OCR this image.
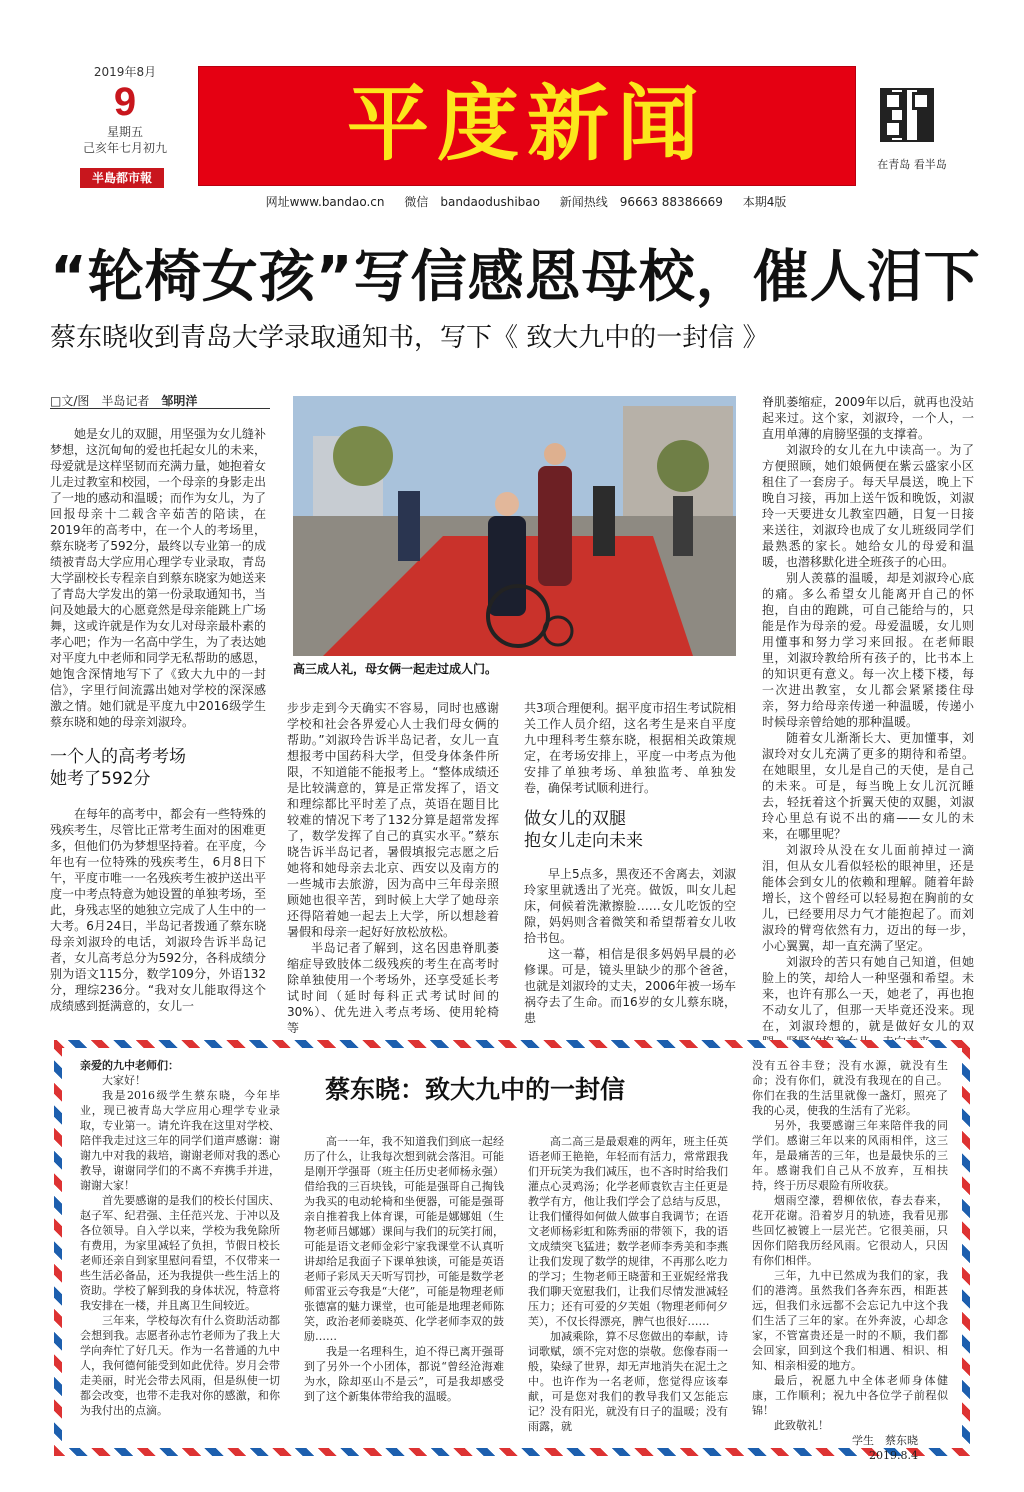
2019年8月
9
星期五
己亥年七月初九
半島都市報
平度新闻	在青岛 看半岛
网址www.bandao.cn 微信　bandaodushibao 新闻热线　96663 88386669 本期4版
“轮椅女孩”写信感恩母校，催人泪下
蔡东晓收到青岛大学录取通知书，写下《 致大九中的一封信 》
□文/图　半岛记者　邹明洋

她是女儿的双腿，用坚强为女儿缝补梦想，这沉甸甸的爱也托起女儿的未来，母爱就是这样坚韧而充满力量，她抱着女儿走过教室和校园，一个母亲的身影走出了一地的感动和温暖；而作为女儿，为了回报母亲十二载含辛茹苦的陪读，在2019年的高考中，在一个人的考场里，蔡东晓考了592分，最终以专业第一的成绩被青岛大学应用心理学专业录取，青岛大学副校长专程亲自到蔡东晓家为她送来了青岛大学发出的第一份录取通知书，当问及她最大的心愿竟然是母亲能跳上广场舞，这或许就是作为女儿对母亲最朴素的孝心吧；作为一名高中学生，为了表达她对平度九中老师和同学无私帮助的感恩，她饱含深情地写下了《致大九中的一封信》，字里行间流露出她对学校的深深感激之情。她们就是平度九中2016级学生蔡东晓和她的母亲刘淑玲。

一个人的高考考场
她考了592分

在每年的高考中，都会有一些特殊的残疾考生，尽管比正常考生面对的困难更多，但他们仍为梦想坚持着。在平度，今年也有一位特殊的残疾考生，6月8日下午，平度市唯一一名残疾考生被护送出平度一中考点特意为她设置的单独考场，至此，身残志坚的她独立完成了人生中的一大考。6月24日，半岛记者拨通了蔡东晓母亲刘淑玲的电话，刘淑玲告诉半岛记者，女儿高考总分为592分，各科成绩分别为语文115分，数学109分，外语132分，理综236分。“我对女儿能取得这个成绩感到挺满意的，女儿一

高三成人礼，母女俩一起走过成人门。

步步走到今天确实不容易，同时也感谢学校和社会各界爱心人士我们母女俩的帮助。”刘淑玲告诉半岛记者，女儿一直想报考中国药科大学，但受身体条件所限，不知道能不能报考上。“整体成绩还是比较满意的，算是正常发挥了，语文和理综都比平时差了点，英语在题目比较难的情况下考了132分算是超常发挥了，数学发挥了自己的真实水平。”蔡东晓告诉半岛记者，暑假填报完志愿之后她将和她母亲去北京、西安以及南方的一些城市去旅游，因为高中三年母亲照顾她也很辛苦，到时候上大学了她母亲还得陪着她一起去上大学，所以想趁着暑假和母亲一起好好放松放松。

半岛记者了解到，这名因患脊肌萎缩症导致肢体二级残疾的考生在高考时除单独使用一个考场外，还享受延长考试时间（延时每科正式考试时间的30%）、优先进入考点考场、使用轮椅等

共3项合理便利。据平度市招生考试院相关工作人员介绍，这名考生是来自平度九中理科考生蔡东晓，根据相关政策规定，在考场安排上，平度一中考点为他安排了单独考场、单独监考、单独发卷，确保考试顺利进行。

做女儿的双腿
抱女儿走向未来

早上5点多，黑夜还不舍离去，刘淑玲家里就透出了光亮。做饭，叫女儿起床，伺候着洗漱擦脸……女儿吃饭的空隙，妈妈则含着微笑和希望帮着女儿收拾书包。

这一幕，相信是很多妈妈早晨的必修课。可是，镜头里缺少的那个爸爸，也就是刘淑玲的丈夫，2006年被一场车祸夺去了生命。而16岁的女儿蔡东晓，患

脊肌萎缩症，2009年以后，就再也没站起来过。这个家，刘淑玲，一个人，一直用单薄的肩膀坚强的支撑着。

刘淑玲的女儿在九中读高一。为了方便照顾，她们娘俩便在紫云盛家小区租住了一套房子。每天早晨送，晚上下晚自习接，再加上送午饭和晚饭，刘淑玲一天要进女儿教室四趟，日复一日接来送往，刘淑玲也成了女儿班级同学们最熟悉的家长。她给女儿的母爱和温暖，也潜移默化进全班孩子的心田。

别人羡慕的温暖，却是刘淑玲心底的痛。多么希望女儿能离开自己的怀抱，自由的跑跳，可自己能给与的，只能是作为母亲的爱。母爱温暖，女儿则用懂事和努力学习来回报。在老师眼里，刘淑玲教给所有孩子的，比书本上的知识更有意义。每一次上楼下楼，每一次进出教室，女儿都会紧紧搂住母亲，努力给母亲传递一种温暖，传递小时候母亲曾给她的那种温暖。

随着女儿渐渐长大、更加懂事，刘淑玲对女儿充满了更多的期待和希望。在她眼里，女儿是自己的天使，是自己的未来。可是，每当晚上女儿沉沉睡去，轻抚着这个折翼天使的双腿，刘淑玲心里总有说不出的痛——女儿的未来，在哪里呢？

刘淑玲从没在女儿面前掉过一滴泪，但从女儿看似轻松的眼神里，还是能体会到女儿的依赖和理解。随着年龄增长，这个曾经可以轻易抱在胸前的女儿，已经要用尽力气才能抱起了。而刘淑玲的臂弯依然有力，迈出的每一步，小心翼翼，却一直充满了坚定。

刘淑玲的苦只有她自己知道，但她脸上的笑，却给人一种坚强和希望。未来，也许有那么一天，她老了，再也抱不动女儿了，但那一天毕竟还没来。现在，刘淑玲想的，就是做好女儿的双

蔡东晓：致大九中的一封信

亲爱的九中老师们：

大家好！

我是2016级学生蔡东晓，今年毕业，现已被青岛大学应用心理学专业录取，专业第一。请允许我在这里对学校、陪伴我走过这三年的同学们道声感谢：谢谢九中对我的栽培，谢谢老师对我的悉心教导，谢谢同学们的不离不弃携手并进，谢谢大家！

首先要感谢的是我们的校长付国庆、赵子军、纪君强、主任范兴龙、于冲以及各位领导。自入学以来，学校为我免除所有费用，为家里减轻了负担，节假日校长老师还亲自到家里慰问看望，不仅带来一些生活必备品，还为我提供一些生活上的资助。学校了解到我的身体状况，特意将我安排在一楼，并且离卫生间较近。

三年来，学校每次有什么资助活动都会想到我。志愿者孙志竹老师为了我上大学向奔忙了好几天。作为一名普通的九中人，我何德何能受到如此优待。岁月会带走美丽，时光会带去风雨，但是纵使一切都会改变，也带不走我对你的感激，和你为我付出的点滴。

高一一年，我不知道我们到底一起经历了什么，让我每次想到就会落泪。可能是刚开学强哥（班主任历史老师杨永强）借给我的三百块钱，可能是强哥自己掏钱为我买的电动轮椅和坐便器，可能是强哥亲自推着我上体育课，可能是娜娜姐（生物老师吕娜娜）课间与我们的玩笑打闹，可能是语文老师金彩宁家我课堂不认真听讲却给足我面子下课单独谈，可能是英语老师子彩凤天天听写罚抄，可能是数学老师雷亚云夸我是“大佬”，可能是物理老师张德富的魅力课堂，也可能是地理老师陈笑，政治老师姜晓英、化学老师李双的鼓励……

我是一名理科生，迫不得已离开强哥到了另外一个小团体，都说“曾经沧海难为水，除却巫山不是云”，可是我却感受到了这个新集体带给我的温暖。

高二高三是最艰难的两年，班主任英语老师王艳艳，年轻而有活力，常常跟我们开玩笑为我们减压，也不吝时时给我们灌点心灵鸡汤；化学老师袁钦吉主任更是教学有方，他让我们学会了总结与反思，让我们懂得如何做人做事自我调节；在语文老师杨彩虹和陈秀丽的带领下，我的语文成绩突飞猛进；数学老师李秀美和李燕让我们发现了数学的规律，不再那么吃力的学习；生物老师王晓蕾和王亚妮经常我我们聊天宽慰我们，让我们尽情发泄减轻压力；还有可爱的夕芙姐（物理老师何夕芙），不仅长得漂亮，脾气也很好……

加减乘除，算不尽您做出的奉献，诗词歌赋，颂不完对您的崇敬。您像春雨一般，染绿了世界，却无声地消失在泥土之中。也许作为一名老师，您觉得应该奉献，可是您对我们的教导我们又怎能忘记？没有阳光，就没有日子的温暖；没有雨露，就

没有五谷丰登；没有水源，就没有生命；没有你们，就没有我现在的自己。你们在我的生活里就像一盏灯，照亮了我的心灵，使我的生活有了光彩。

另外，我要感谢三年来陪伴我的同学们。感谢三年以来的风雨相伴，这三年，是最痛苦的三年，也是最快乐的三年。感谢我们自己从不放弃，互相扶持，终于历尽艰险有所收获。

烟雨空濛，碧柳依依，春去春来，花开花谢。沿着岁月的轨迹，我看见那些回忆被镀上一层光芒。它很美丽，只因你们陪我历经风雨。它很动人，只因有你们相伴。

三年，九中已然成为我们的家，我们的港湾。虽然我们各奔东西，相距甚远，但我们永远都不会忘记九中这个我们生活了三年的家。在外奔波，心却念家，不管富贵还是一时的不顺，我们都会回家，回到这个我们相遇、相识、相知、相亲相爱的地方。

最后，祝愿九中全体老师身体健康，工作顺利；祝九中各位学子前程似锦！

此致敬礼！

学生　蔡东晓

2019.8.4
